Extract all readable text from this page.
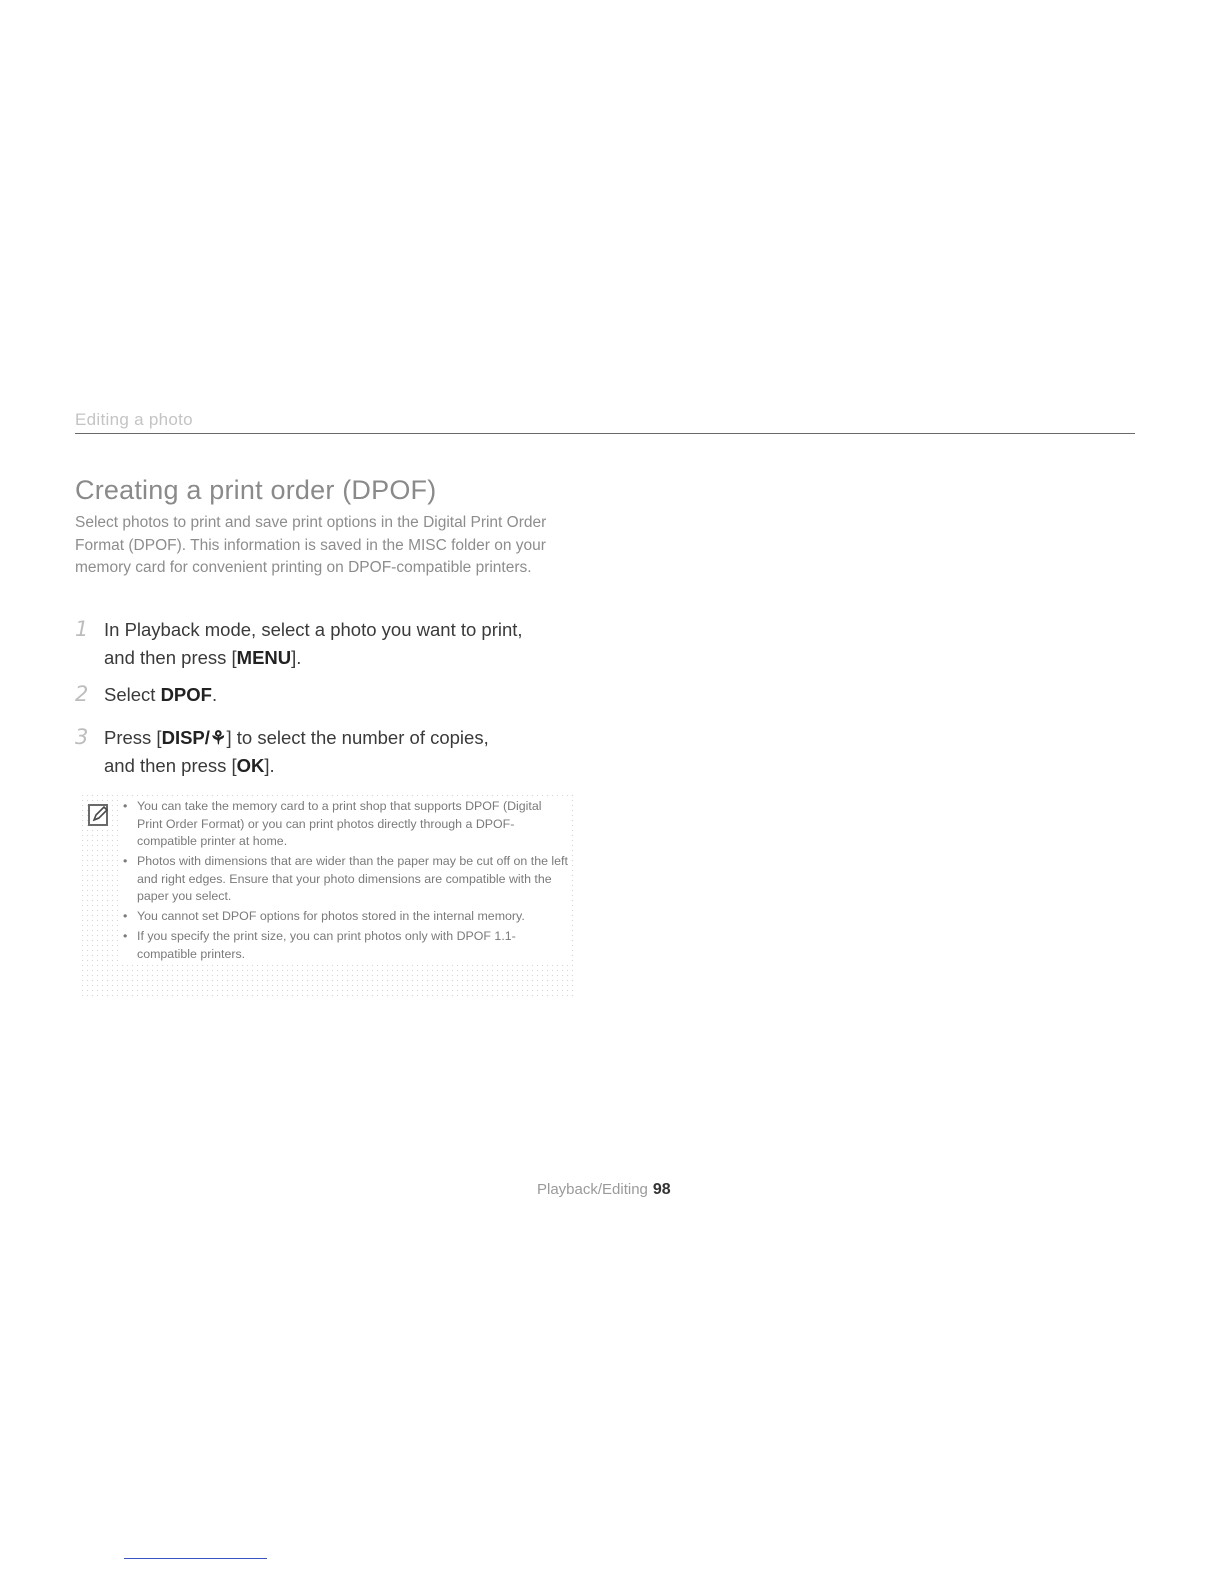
Editing a photo
Creating a print order (DPOF)

Select photos to print and save print options in the Digital Print Order Format (DPOF). This information is saved in the MISC folder on your memory card for convenient printing on DPOF-compatible printers.

1 In Playback mode, select a photo you want to print,
and then press [MENU].
2 Select DPOF.
3 Press [DISP/⚘] to select the number of copies,
and then press [OK].
• You can take the memory card to a print shop that supports DPOF (Digital Print Order Format) or you can print photos directly through a DPOF-compatible printer at home.
• Photos with dimensions that are wider than the paper may be cut off on the left and right edges. Ensure that your photo dimensions are compatible with the paper you select.
• You cannot set DPOF options for photos stored in the internal memory.
• If you specify the print size, you can print photos only with DPOF 1.1-compatible printers.
Playback/Editing 98
